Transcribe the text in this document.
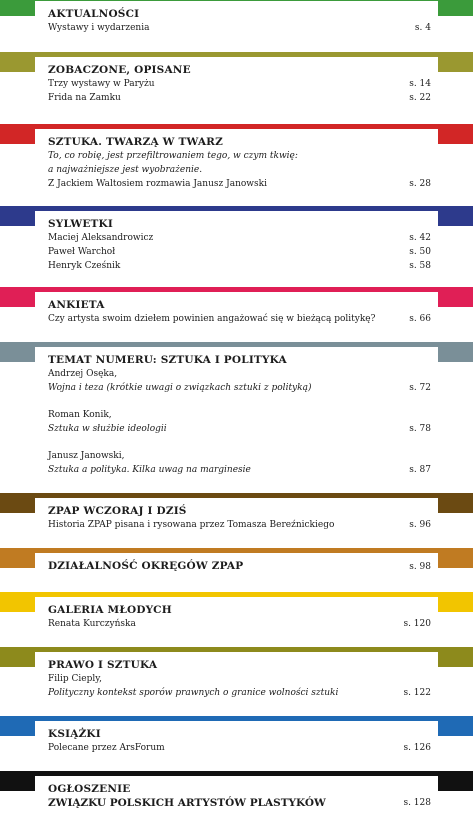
AKTUALNOŚCI
Wystawy i wydarzenia	s. 4
ZOBACZONE, OPISANE
Trzy wystawy w Paryżu	s. 14
Frida na Zamku	s. 22
SZTUKA. TWARZĄ W TWARZ
To, co robię, jest przefiltrowaniem tego, w czym tkwię:
a najważniejsze jest wyobrażenie.
Z Jackiem Waltosiem rozmawia Janusz Janowski	s. 28
SYLWETKI
Maciej Aleksandrowicz	s. 42
Paweł Warchoł	s. 50
Henryk Cześnik	s. 58
ANKIETA
Czy artysta swoim dziełem powinien angażować się w bieżącą politykę?	s. 66
TEMAT NUMERU: SZTUKA I POLITYKA
Andrzej Osęka,
Wojna i teza (krótkie uwagi o związkach sztuki z polityką)	s. 72
Roman Konik,
Sztuka w służbie ideologii	s. 78
Janusz Janowski,
Sztuka a polityka. Kilka uwag na marginesie	s. 87
ZPAP WCZORAJ I DZIŚ
Historia ZPAP pisana i rysowana przez Tomasza Bereźnickiego	s. 96
DZIAŁALNOŚĆ OKRĘGÓW ZPAP	s. 98
GALERIA MŁODYCH
Renata Kurczyńska	s. 120
PRAWO I SZTUKA
Filip Cieply,
Polityczny kontekst sporów prawnych o granice wolności sztuki	s. 122
KSIĄŻKI
Polecane przez ArsForum	s. 126
OGŁOSZENIE
ZWIĄZKU POLSKICH ARTYSTÓW PLASTYKÓW	s. 128
